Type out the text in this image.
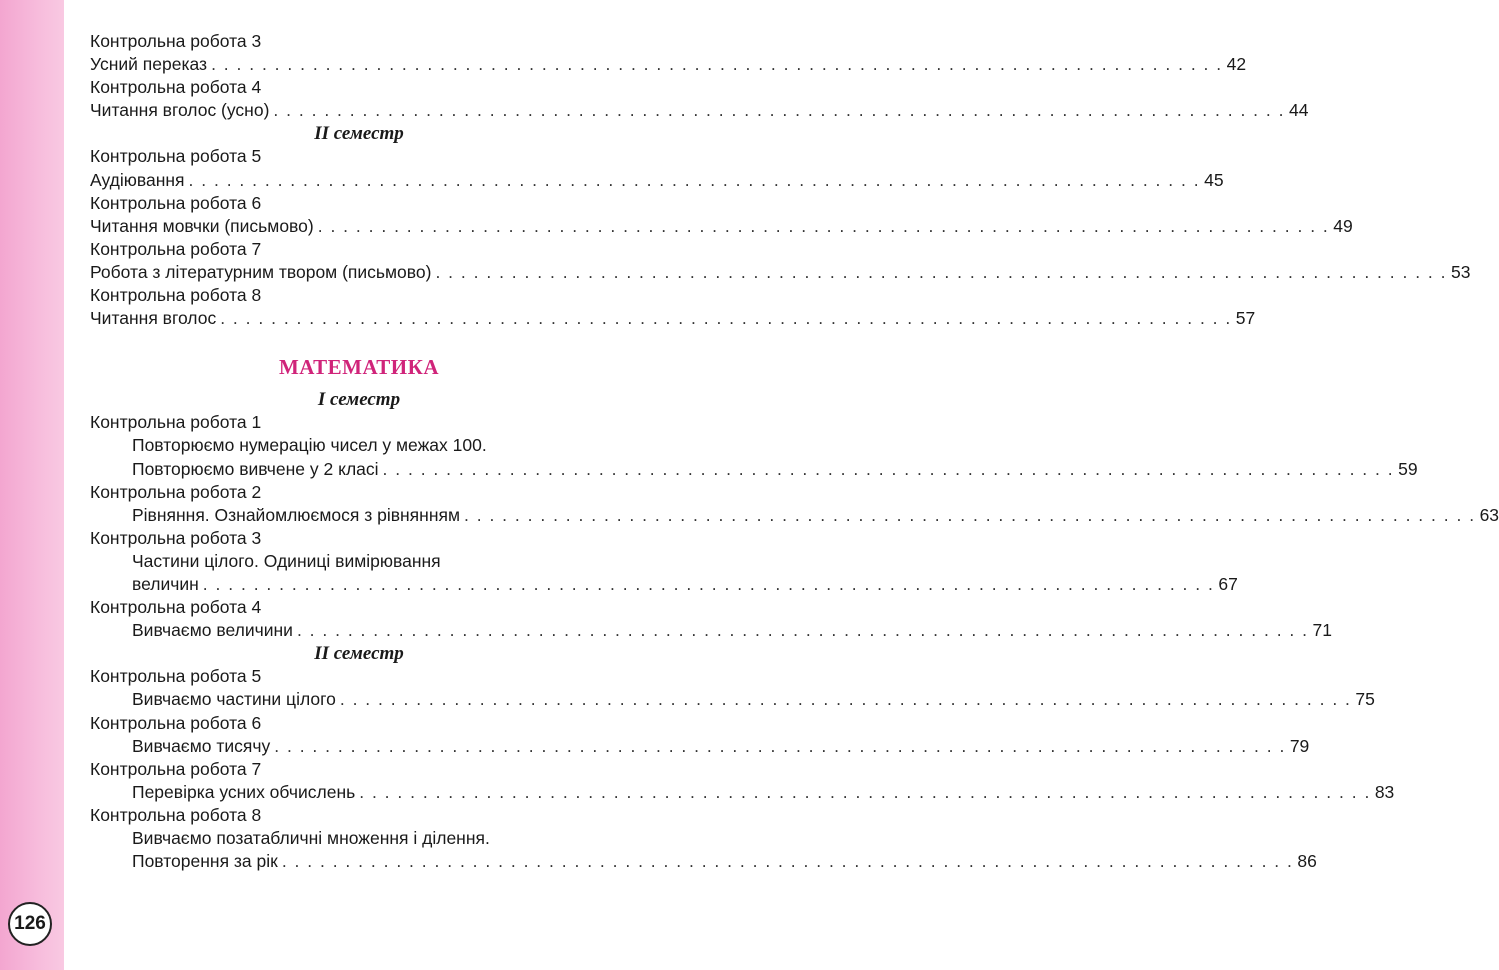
126
Контрольна робота 3
Усний переказ . . . . . . . . . . . . . . . . . . . . . . . . . . . . . . . . . . . . . . . . . . . . . . . . . . . . . . . . . . . . . . . . . . . . . . . . . . . . . . . . 42
Контрольна робота 4
Читання вголос (усно) . . . . . . . . . . . . . . . . . . . . . . . . . . . . . . . . . . . . . . . . . . . . . . . . . . . . . . . . . . . . . . . . . . . . . . . . . . . . . . . . 44
II семестр
Контрольна робота 5
Аудіювання . . . . . . . . . . . . . . . . . . . . . . . . . . . . . . . . . . . . . . . . . . . . . . . . . . . . . . . . . . . . . . . . . . . . . . . . . . . . . . . . 45
Контрольна робота 6
Читання мовчки (письмово) . . . . . . . . . . . . . . . . . . . . . . . . . . . . . . . . . . . . . . . . . . . . . . . . . . . . . . . . . . . . . . . . . . . . . . . . . . . . . . . . 49
Контрольна робота 7
Робота з літературним твором (письмово) . . . . . . . . . . . . . . . . . . . . . . . . . . . . . . . . . . . . . . . . . . . . . . . . . . . . . . . . . . . . . . . . . . . . . . . . . . . . . . . . 53
Контрольна робота 8
Читання вголос . . . . . . . . . . . . . . . . . . . . . . . . . . . . . . . . . . . . . . . . . . . . . . . . . . . . . . . . . . . . . . . . . . . . . . . . . . . . . . . . 57
МАТЕМАТИКА
I семестр
Контрольна робота 1
Повторюємо нумерацію чисел у межах 100.
Повторюємо вивчене у 2 класі . . . . . . . . . . . . . . . . . . . . . . . . . . . . . . . . . . . . . . . . . . . . . . . . . . . . . . . . . . . . . . . . . . . . . . . . . . . . . . . . 59
Контрольна робота 2
Рівняння. Ознайомлюємося з рівнянням . . . . . . . . . . . . . . . . . . . . . . . . . . . . . . . . . . . . . . . . . . . . . . . . . . . . . . . . . . . . . . . . . . . . . . . . . . . . . . . . 63
Контрольна робота 3
Частини цілого. Одиниці вимірювання
величин . . . . . . . . . . . . . . . . . . . . . . . . . . . . . . . . . . . . . . . . . . . . . . . . . . . . . . . . . . . . . . . . . . . . . . . . . . . . . . . . 67
Контрольна робота 4
Вивчаємо величини . . . . . . . . . . . . . . . . . . . . . . . . . . . . . . . . . . . . . . . . . . . . . . . . . . . . . . . . . . . . . . . . . . . . . . . . . . . . . . . . 71
II семестр
Контрольна робота 5
Вивчаємо частини цілого . . . . . . . . . . . . . . . . . . . . . . . . . . . . . . . . . . . . . . . . . . . . . . . . . . . . . . . . . . . . . . . . . . . . . . . . . . . . . . . . 75
Контрольна робота 6
Вивчаємо тисячу . . . . . . . . . . . . . . . . . . . . . . . . . . . . . . . . . . . . . . . . . . . . . . . . . . . . . . . . . . . . . . . . . . . . . . . . . . . . . . . . 79
Контрольна робота 7
Перевірка усних обчислень . . . . . . . . . . . . . . . . . . . . . . . . . . . . . . . . . . . . . . . . . . . . . . . . . . . . . . . . . . . . . . . . . . . . . . . . . . . . . . . . 83
Контрольна робота 8
Вивчаємо позатабличні множення і ділення.
Повторення за рік . . . . . . . . . . . . . . . . . . . . . . . . . . . . . . . . . . . . . . . . . . . . . . . . . . . . . . . . . . . . . . . . . . . . . . . . . . . . . . . . 86
